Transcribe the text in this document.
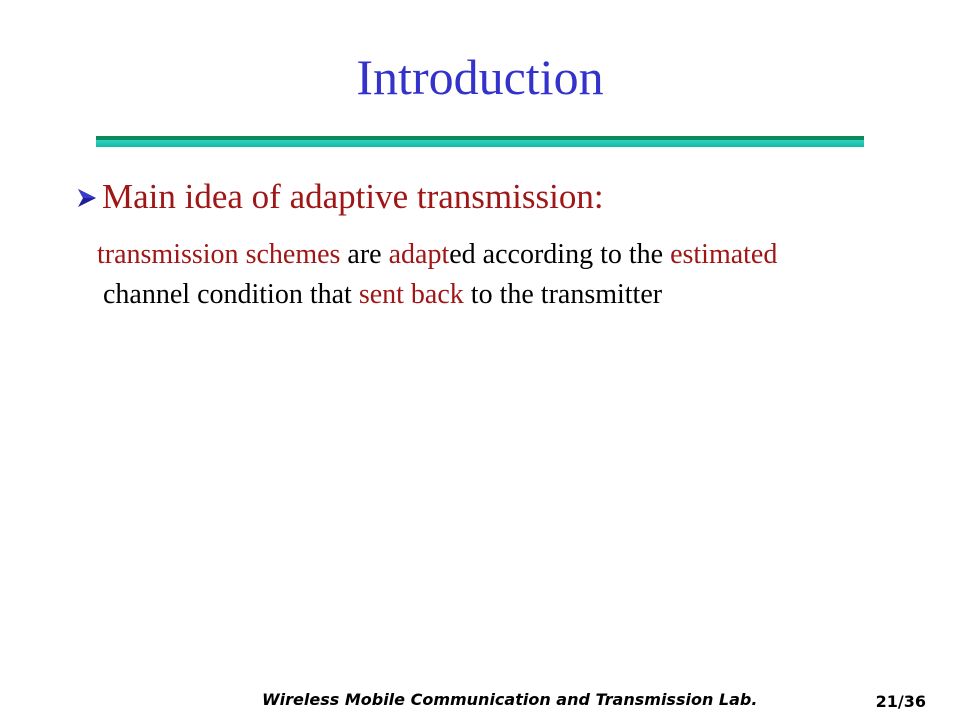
Introduction
Main idea of adaptive transmission:
transmission schemes are adapted according to the estimated channel condition that sent back to the transmitter
Wireless Mobile Communication and Transmission Lab.	21/36
